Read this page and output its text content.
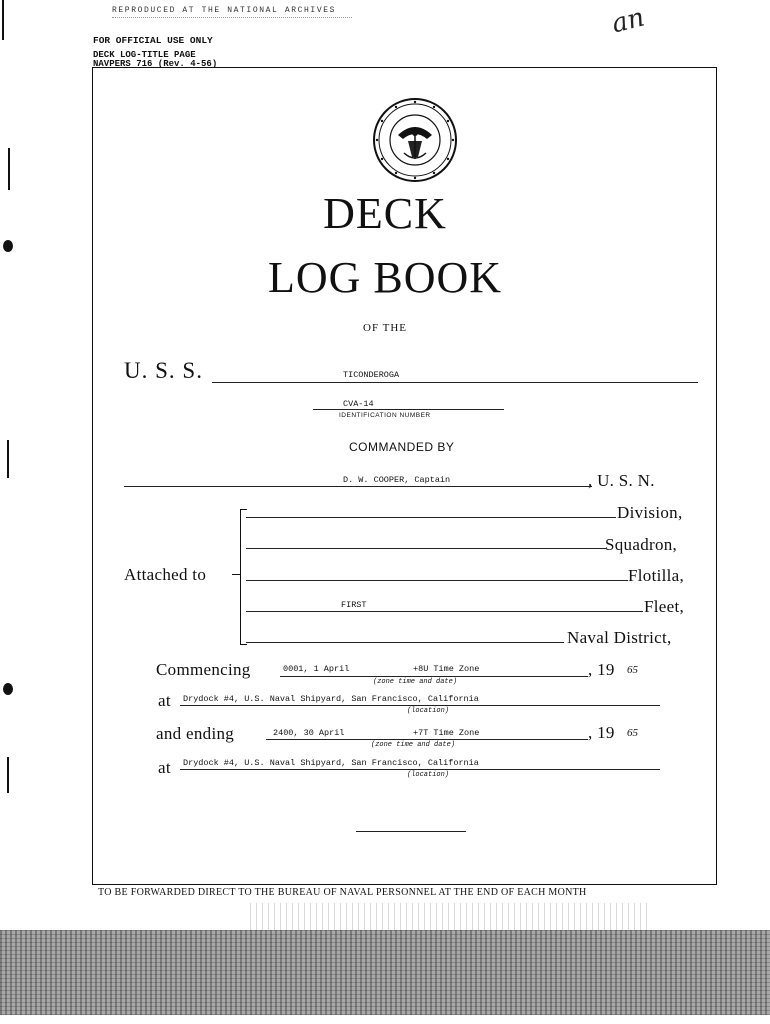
REPRODUCED AT THE NATIONAL ARCHIVES	an
FOR OFFICIAL USE ONLY
DECK LOG-TITLE PAGE
NAVPERS 716 (Rev. 4-56)
DECK
LOG BOOK
OF THE
U. S. S.	TICONDEROGA
CVA-14
IDENTIFICATION NUMBER
COMMANDED BY
D. W. COOPER, Captain	, U. S. N.
Attached to
Division,
Squadron,
Flotilla,
FIRST	Fleet,
Naval District,
Commencing	0001, 1 April	+8U Time Zone
(zone time and date)
, 19 65
at Drydock #4, U.S. Naval Shipyard, San Francisco, California
(location)
and ending	2400, 30 April	+7T Time Zone
(zone time and date)
, 19 65
at Drydock #4, U.S. Naval Shipyard, San Francisco, California
(location)
TO BE FORWARDED DIRECT TO THE BUREAU OF NAVAL PERSONNEL AT THE END OF EACH MONTH
